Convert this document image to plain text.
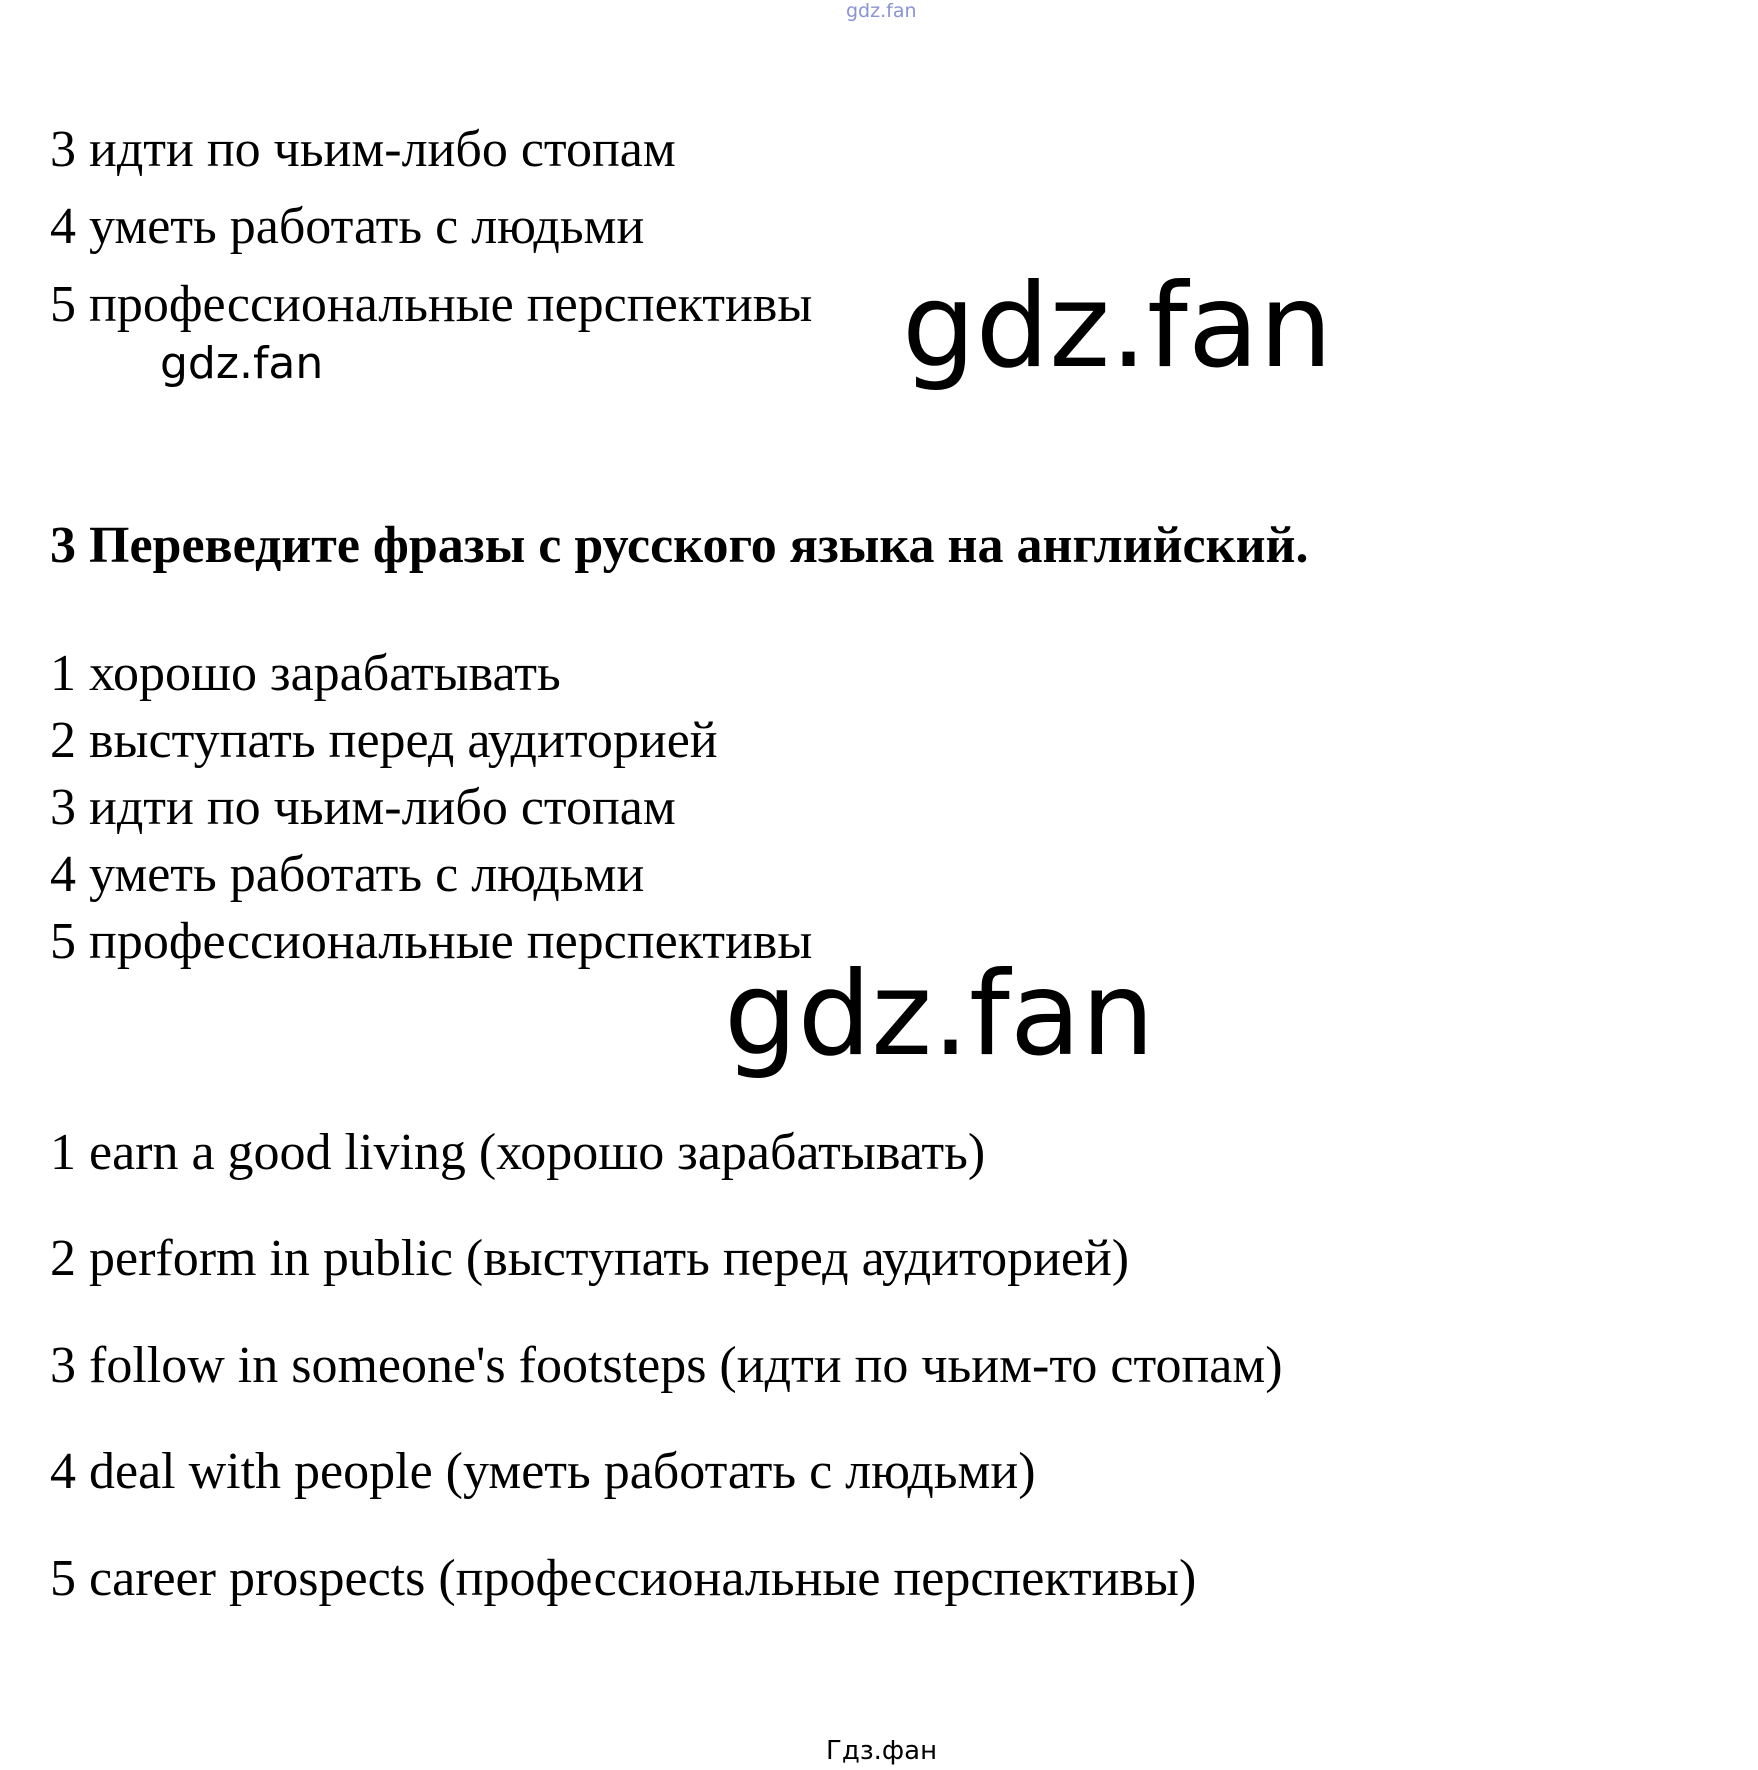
gdz.fan
3 идти по чьим-либо стопам
4 уметь работать с людьми
5 профессиональные перспективы
gdz.fan	gdz.fan
3 Переведите фразы с русского языка на английский.
1 хорошо зарабатывать
2 выступать перед аудиторией
3 идти по чьим-либо стопам
4 уметь работать с людьми
5 профессиональные перспективы
gdz.fan
1 earn a good living (хорошо зарабатывать)
2 perform in public (выступать перед аудиторией)
3 follow in someone's footsteps (идти по чьим-то стопам)
4 deal with people (уметь работать с людьми)
5 career prospects (профессиональные перспективы)
Гдз.фан
